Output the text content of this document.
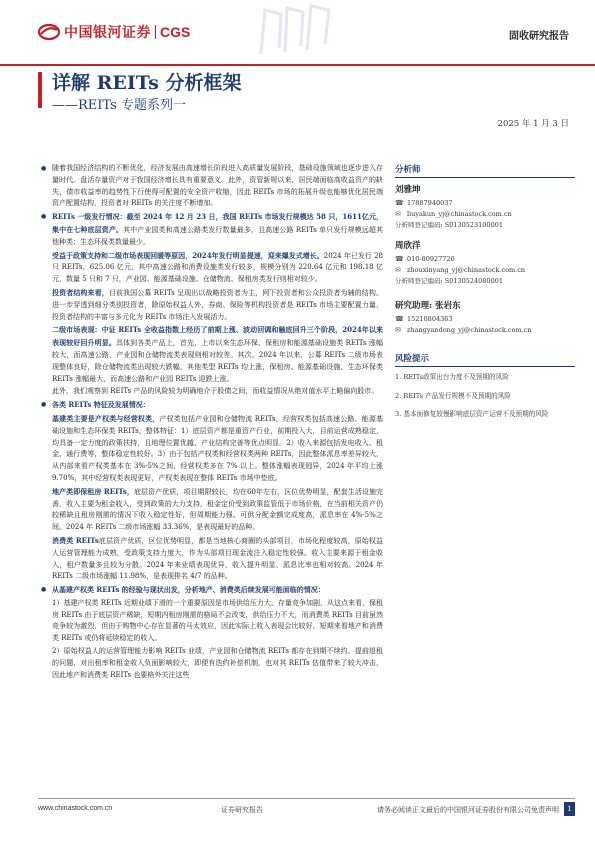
中国银河证券 CGS	固收研究报告
详解 REITs 分析框架
——REITs 专题系列一
2025 年 1 月 3 日
● 随着我国经济结构的不断优化，经济发展由高速增长阶段进入高质量发展阶段，基础设施领域也逐步进入存量时代。盘活存量资产对于我国经济增长具有重要意义。此外，资管新规以来，居民端面临高收益资产的缺失，债市收益率的趋势性下行使得可配置的安全资产收缩，因此 REITs 市场的拓展升级也能够优化居民端资产配置结构，投资者对 REITs 的关注度不断增加。
● REITs 一级发行情况：截至 2024 年 12 月 23 日，我国 REITs 市场发行规模达 58 只，1611亿元，集中在七种底层资产。其中产业园类和高速公路类发行数量最多，且高速公路 REITs 单只发行规模远超其他种类；生态环保类数量最少。
受益于政策支持和二级市场表现回暖等原因，2024年发行明显提速，迎来爆发式增长。2024 年已发行 28 只 REITs，625.06 亿元，其中高速公路和消费设施类发行较多，规模分别为 220.64 亿元和 198.18 亿元，数量 5 只和 7 只，产业园、能源基础设施、仓储物流、保租房类发行则相对较少。
投资者结构来看，目前我国公募 REITs 呈现出以战略投资者为主，网下投资者和公众投资者为辅的结构。进一步穿透到细分类别投资者，除原始权益人外，券商、保险等机构投资者是 REITs 市场主要配置力量，投资者结构的丰富与多元化为 REITs 市场注入发展活力。
二级市场表现：中证 REITs 全收益指数上经历了前期上涨、波动回调和触底回升三个阶段，2024年以来表现较好回升明显。具体到各类产品上，首先，上市以来生态环保、保租房和能源基础设施类 REITs 涨幅较大，而高速公路、产业园和仓储物流类表现则相对较差。其次，2024 年以来，公募 REITs 二级市场表现整体良好，除仓储物流类出现较大跌幅，其他类型 REITs 均上涨，保租房、能源基础设施、生态环保类 REITs 涨幅最大，而高速公路和产业园 REITs 迎跌上涨。
此外，我们观察到 REITs 产品的风险较为明确地介于股债之间，而收益情况从绝对值水平上略偏向股市。
● 各类 REITs 特征及发展情况：
基建类主要是产权类与经营权类，产权类包括产业园和仓储物流 REITs，经营权类包括高速公路、能源基础设施和生态环保类 REITs，整体特征：1）底层资产都是重资产行业，前期投入大，目前运营成熟稳定，均具备一定力度的政策扶持，且地理位置优越、产业结构完善等优点明显。2）收入来源包括发电收入、租金、通行费等，整体稳定性较好。3）由于包括产权类和经营权类两种 REITs，因此整体派息率差异较大，从内部来看产权类基本在 3%-5%之间，经营权类多在 7% 以上。整体涨幅表现迥异，2024 年平均上涨 9.70%，其中经营权类表现更好，产权类表现在整体 REITs 市场中垫底。
地产类即保租房 REITs，底层资产优质，项目期限较长，均在60年左右，区位优势明显，配套生活设施完善，收入主要为租金收入，受到政策的大力支持，租金定价受到政策监管低于市场价格，在当前相关资产仍较稀缺且租房刚需的情况下收入稳定性好，但周期能力强。可供分配金额完成度高，派息率在 4%-5%之间。2024 年 REITs 二级市场涨幅 33.36%，是表现最好的品种。
消费类 REITs底层资产优质，区位优势明显，都是当地核心商圈的头部项目，市场化程度较高，原始权益人运营管理能力成熟，受政策支持力度大，作为头部项目现金流注入稳定性较强。收入主要来源于租金收入，租户数量多且较为分散。2024 年来业绩表现优异，收入提升明显、派息比率也相对较高。2024 年 REITs 二级市场涨幅 11.98%，是表现排名 4/7 的品种。
● 从基建产权类 REITs 的经验与现状出发，分析地产、消费类后续发展可能面临的情况：
1）基建产权类 REITs 近期业绩下滑的一个重要原因是市场供给压力大、存量竞争加剧，从这点来看，保租房 REITs 由于底层资产稀缺，短期内租房刚需的格局不会改变，供给压力不大，而消费类 REITs 目前虽然竞争较为激烈，但由于购物中心存在显著的马太效应，因此实际上收入表现会比较好，短期来看地产和消费类 REITs 或仍将延续稳定的收入。
2）原始权益人的运营管理能力影响 REITs 业绩，产业园和仓储物流 REITs 都存在到期不续约、提前退租的问题，对出租率和租金收入负面影响较大，即便有迭约补偿机制，也对其 REITs 估值带来了较大冲击，因此地产和消费类 REITs 也要格外关注这些
分析师
刘雅坤
☎ 17887940037
✉ liuyakun_yj@chinastock.com.cn
分析师登记编码: S0130523100001
周欣洋
☎ 010-80927726
✉ zhouxinyang_yj@chinastock.com.cn
分析师登记编码: S0130524080001
研究助理: 张岩东
☎ 15210804363
✉ zhangyandong_yj@chinastock.com.cn
风险提示
1. REITs政策出台力度不及预期的风险
2. REITs 产品发行规模不及预期的风险
3. 基本面修复较慢影响底层资产运营不及预期的风险
www.chinastock.com.cn	证券研究报告	请务必阅读正文最后的中国银河证券股份有限公司免责声明	1
